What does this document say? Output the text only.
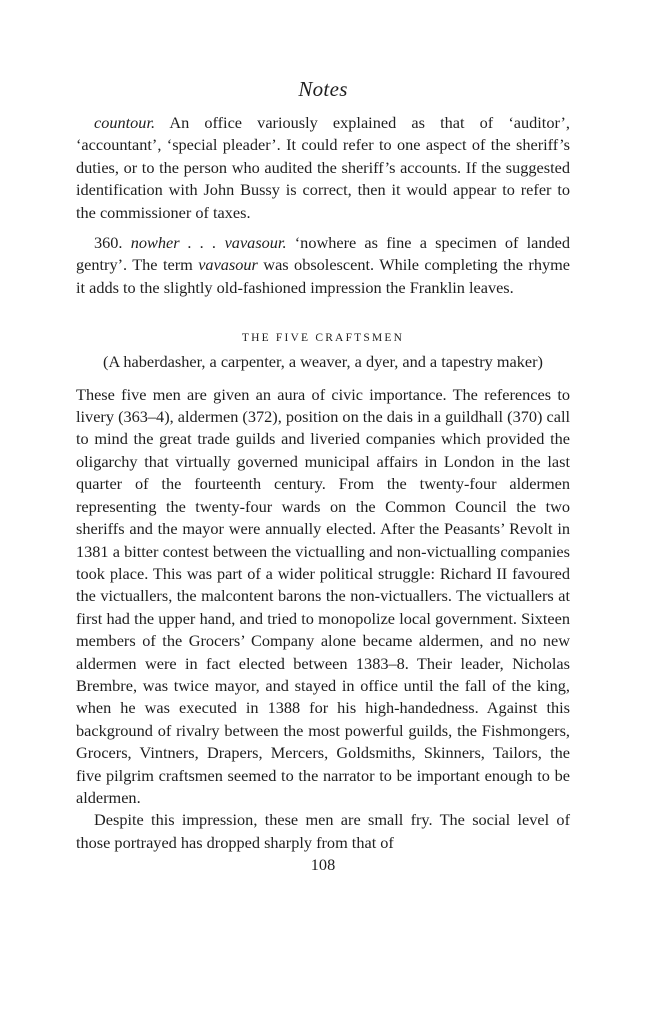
Notes

countour. An office variously explained as that of ‘auditor’, ‘accountant’, ‘special pleader’. It could refer to one aspect of the sheriff’s duties, or to the person who audited the sheriff’s accounts. If the suggested identification with John Bussy is correct, then it would appear to refer to the commissioner of taxes.

360. nowher . . . vavasour. ‘nowhere as fine a specimen of landed gentry’. The term vavasour was obsolescent. While completing the rhyme it adds to the slightly old-fashioned impression the Franklin leaves.

THE FIVE CRAFTSMEN

(A haberdasher, a carpenter, a weaver, a dyer, and a tapestry maker)

These five men are given an aura of civic importance. The references to livery (363–4), aldermen (372), position on the dais in a guildhall (370) call to mind the great trade guilds and liveried companies which provided the oligarchy that virtually governed municipal affairs in London in the last quarter of the fourteenth century. From the twenty-four aldermen representing the twenty-four wards on the Common Council the two sheriffs and the mayor were annually elected. After the Peasants’ Revolt in 1381 a bitter contest between the victualling and non-victualling companies took place. This was part of a wider political struggle: Richard II favoured the victuallers, the malcontent barons the non-victuallers. The victuallers at first had the upper hand, and tried to monopolize local government. Sixteen members of the Grocers’ Company alone became aldermen, and no new aldermen were in fact elected between 1383–8. Their leader, Nicholas Brembre, was twice mayor, and stayed in office until the fall of the king, when he was executed in 1388 for his high-handedness. Against this background of rivalry between the most powerful guilds, the Fishmongers, Grocers, Vintners, Drapers, Mercers, Goldsmiths, Skinners, Tailors, the five pilgrim craftsmen seemed to the narrator to be important enough to be aldermen.

Despite this impression, these men are small fry. The social level of those portrayed has dropped sharply from that of

108
